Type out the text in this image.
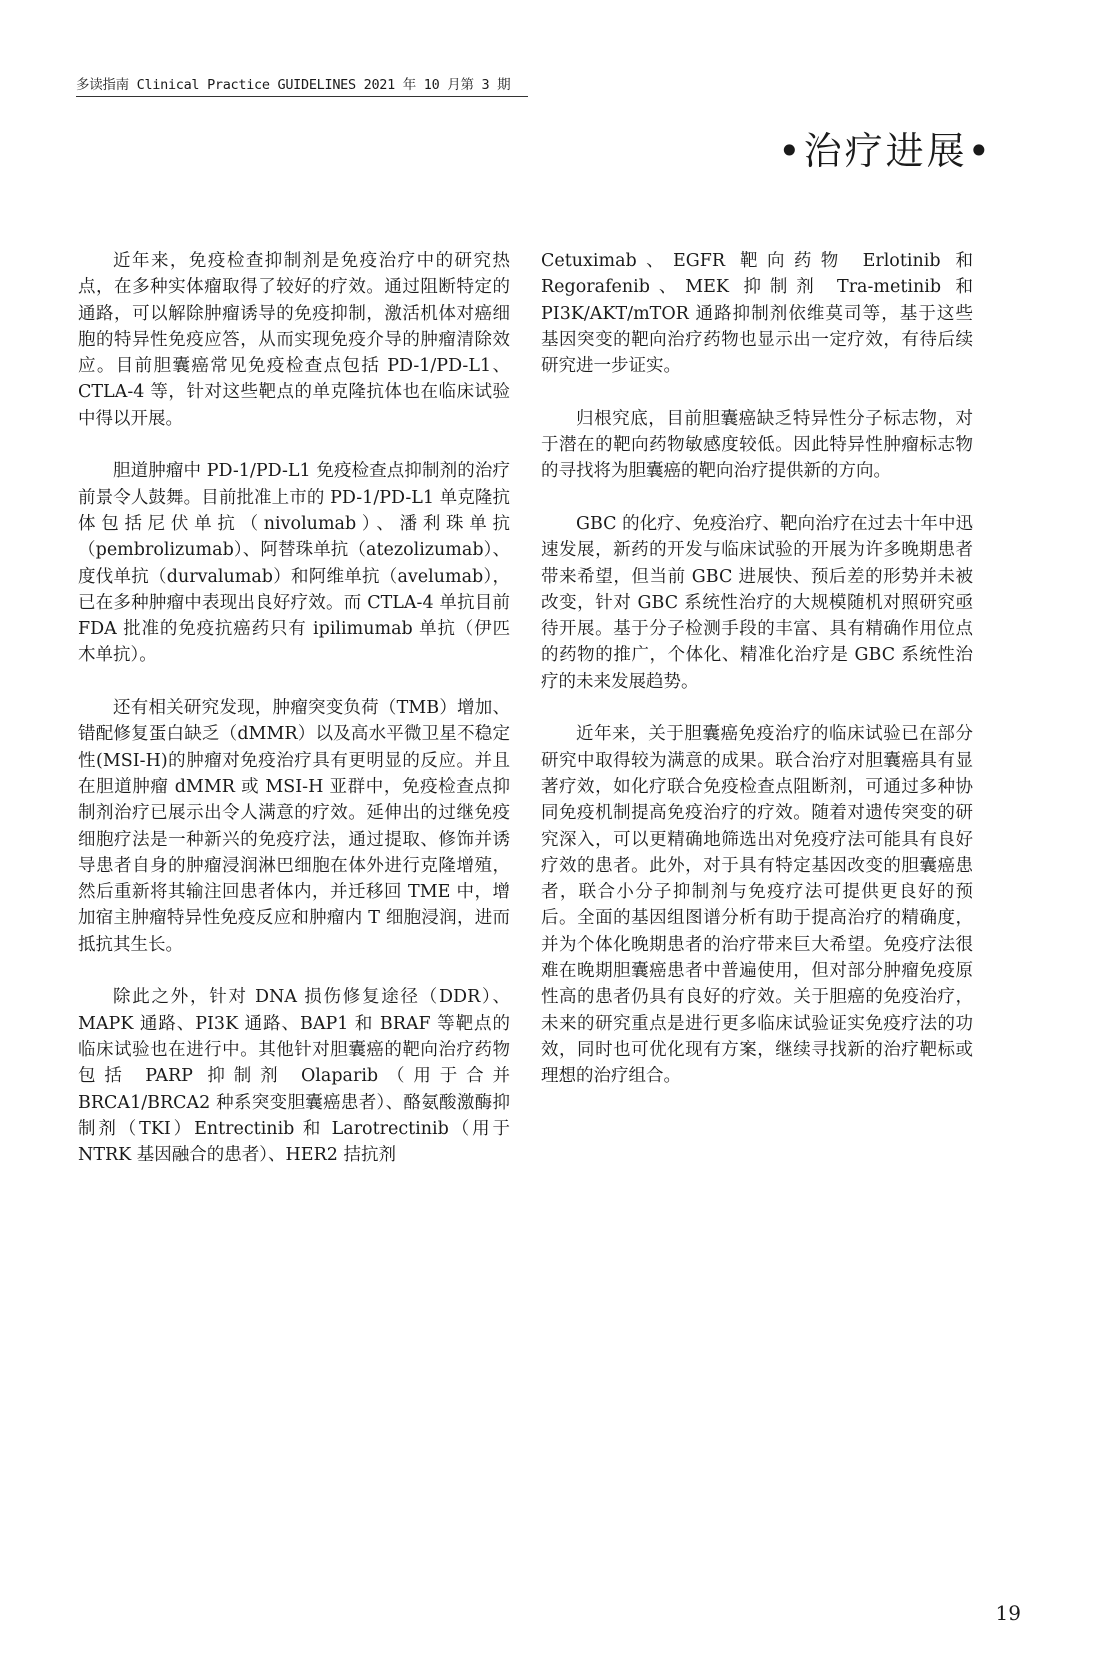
多读指南 Clinical Practice GUIDELINES 2021 年 10 月第 3 期
•治疗进展•

近年来，免疫检查抑制剂是免疫治疗中的研究热点，在多种实体瘤取得了较好的疗效。通过阻断特定的通路，可以解除肿瘤诱导的免疫抑制，激活机体对癌细胞的特异性免疫应答，从而实现免疫介导的肿瘤清除效应。目前胆囊癌常见免疫检查点包括 PD-1/PD-L1、CTLA-4 等，针对这些靶点的单克隆抗体也在临床试验中得以开展。

胆道肿瘤中 PD-1/PD-L1 免疫检查点抑制剂的治疗前景令人鼓舞。目前批准上市的 PD-1/PD-L1 单克隆抗体包括尼伏单抗（nivolumab）、潘利珠单抗（pembrolizumab）、阿替珠单抗（atezolizumab）、度伐单抗（durvalumab）和阿维单抗（avelumab），已在多种肿瘤中表现出良好疗效。而 CTLA-4 单抗目前 FDA 批准的免疫抗癌药只有 ipilimumab 单抗（伊匹木单抗）。

还有相关研究发现，肿瘤突变负荷（TMB）增加、错配修复蛋白缺乏（dMMR）以及高水平微卫星不稳定 性(MSI-H)的肿瘤对免疫治疗具有更明显的反应。并且在胆道肿瘤 dMMR 或 MSI-H 亚群中，免疫检查点抑制剂治疗已展示出令人满意的疗效。延伸出的过继免疫细胞疗法是一种新兴的免疫疗法，通过提取、修饰并诱导患者自身的肿瘤浸润淋巴细胞在体外进行克隆增殖，然后重新将其输注回患者体内，并迁移回 TME 中，增加宿主肿瘤特异性免疫反应和肿瘤内 T 细胞浸润，进而抵抗其生长。

除此之外，针对 DNA 损伤修复途径（DDR）、MAPK 通路、PI3K 通路、BAP1 和 BRAF 等靶点的临床试验也在进行中。其他针对胆囊癌的靶向治疗药物包括 PARP 抑制剂 Olaparib（用于合并 BRCA1/BRCA2 种系突变胆囊癌患者）、酪氨酸激酶抑制剂（TKI）Entrectinib 和 Larotrectinib（用于 NTRK 基因融合的患者）、HER2 拮抗剂

Cetuximab、EGFR 靶向药物 Erlotinib 和 Regorafenib、MEK 抑制剂 Tra-metinib 和 PI3K/AKT/mTOR 通路抑制剂依维莫司等，基于这些基因突变的靶向治疗药物也显示出一定疗效，有待后续研究进一步证实。

归根究底，目前胆囊癌缺乏特异性分子标志物，对于潜在的靶向药物敏感度较低。因此特异性肿瘤标志物的寻找将为胆囊癌的靶向治疗提供新的方向。

GBC 的化疗、免疫治疗、靶向治疗在过去十年中迅速发展，新药的开发与临床试验的开展为许多晚期患者带来希望，但当前 GBC 进展快、预后差的形势并未被改变，针对 GBC 系统性治疗的大规模随机对照研究亟待开展。基于分子检测手段的丰富、具有精确作用位点的药物的推广，个体化、精准化治疗是 GBC 系统性治疗的未来发展趋势。

近年来，关于胆囊癌免疫治疗的临床试验已在部分研究中取得较为满意的成果。联合治疗对胆囊癌具有显著疗效，如化疗联合免疫检查点阻断剂，可通过多种协同免疫机制提高免疫治疗的疗效。随着对遗传突变的研究深入，可以更精确地筛选出对免疫疗法可能具有良好疗效的患者。此外，对于具有特定基因改变的胆囊癌患者，联合小分子抑制剂与免疫疗法可提供更良好的预后。全面的基因组图谱分析有助于提高治疗的精确度，并为个体化晚期患者的治疗带来巨大希望。免疫疗法很难在晚期胆囊癌患者中普遍使用，但对部分肿瘤免疫原性高的患者仍具有良好的疗效。关于胆癌的免疫治疗，未来的研究重点是进行更多临床试验证实免疫疗法的功效，同时也可优化现有方案，继续寻找新的治疗靶标或理想的治疗组合。

19
